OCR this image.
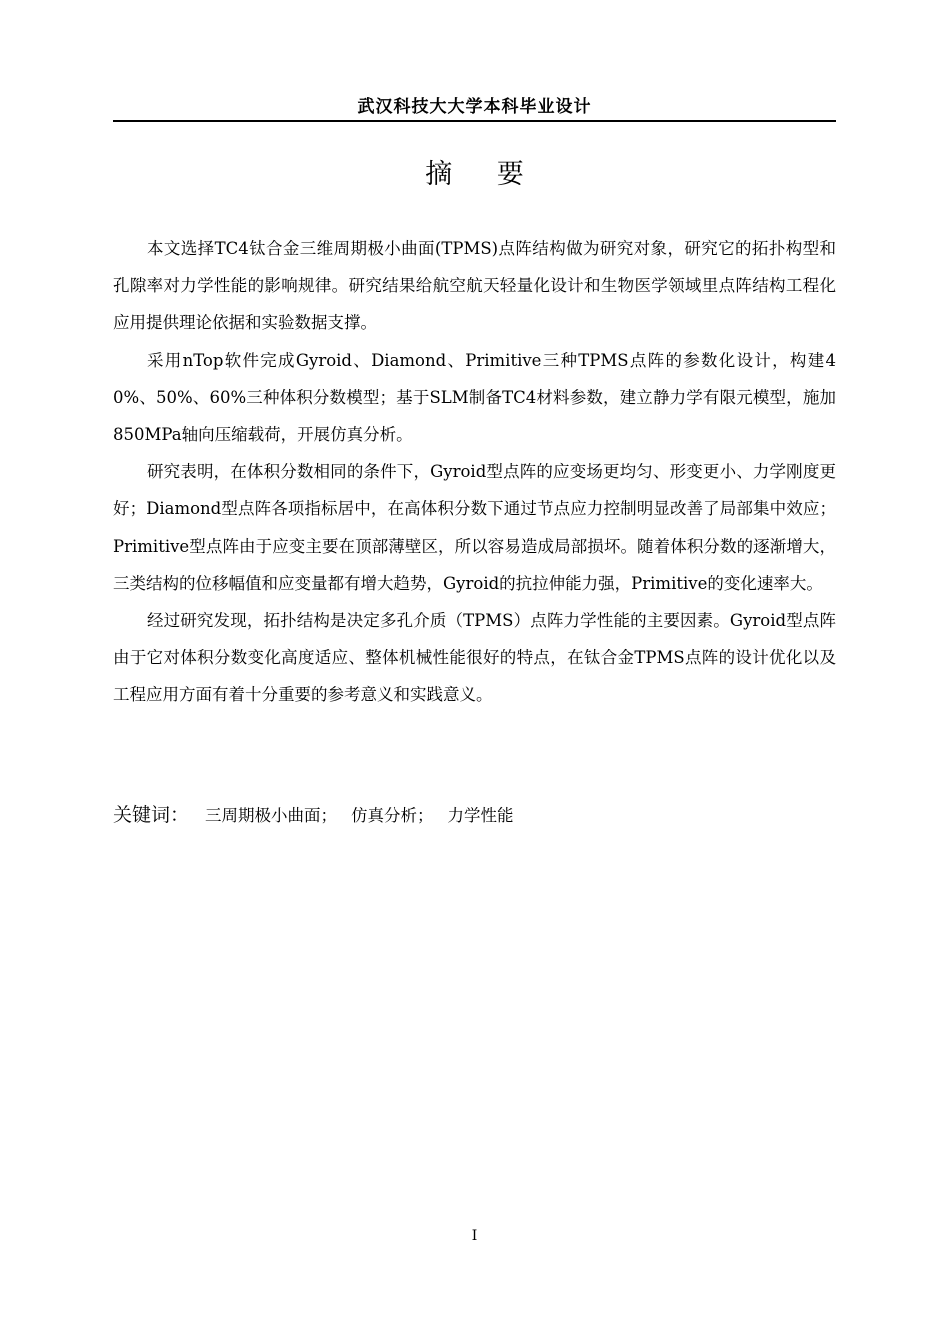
武汉科技大大学本科毕业设计
摘 要

本文选择TC4钛合金三维周期极小曲面(TPMS)点阵结构做为研究对象，研究它的拓扑构型和孔隙率对力学性能的影响规律。研究结果给航空航天轻量化设计和生物医学领域里点阵结构工程化应用提供理论依据和实验数据支撑。

采用nTop软件完成Gyroid、Diamond、Primitive三种TPMS点阵的参数化设计，构建40%、50%、60%三种体积分数模型；基于SLM制备TC4材料参数，建立静力学有限元模型，施加850MPa轴向压缩载荷，开展仿真分析。

研究表明，在体积分数相同的条件下，Gyroid型点阵的应变场更均匀、形变更小、力学刚度更好；Diamond型点阵各项指标居中，在高体积分数下通过节点应力控制明显改善了局部集中效应；Primitive型点阵由于应变主要在顶部薄壁区，所以容易造成局部损坏。随着体积分数的逐渐增大，三类结构的位移幅值和应变量都有增大趋势，Gyroid的抗拉伸能力强，Primitive的变化速率大。

经过研究发现，拓扑结构是决定多孔介质（TPMS）点阵力学性能的主要因素。Gyroid型点阵由于它对体积分数变化高度适应、整体机械性能很好的特点，在钛合金TPMS点阵的设计优化以及工程应用方面有着十分重要的参考意义和实践意义。

关键词： 三周期极小曲面； 仿真分析； 力学性能
I
